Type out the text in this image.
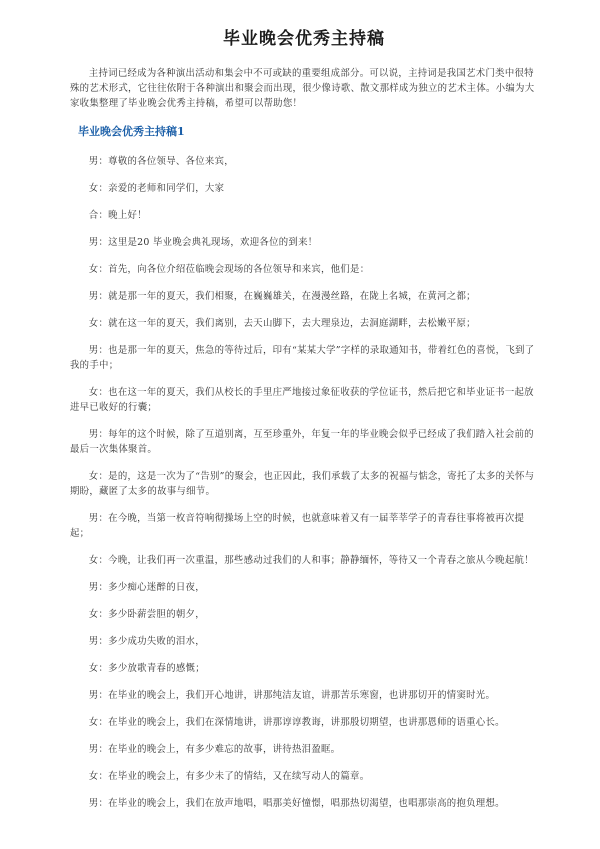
毕业晚会优秀主持稿

主持词已经成为各种演出活动和集会中不可或缺的重要组成部分。可以说，主持词是我国艺术门类中很特殊的艺术形式，它往往依附于各种演出和聚会而出现，很少像诗歌、散文那样成为独立的艺术主体。小编为大家收集整理了毕业晚会优秀主持稿，希望可以帮助您！

毕业晚会优秀主持稿1

男：尊敬的各位领导、各位来宾，

女：亲爱的老师和同学们，大家

合：晚上好！

男：这里是20 毕业晚会典礼现场，欢迎各位的到来！

女：首先，向各位介绍莅临晚会现场的各位领导和来宾，他们是：

男：就是那一年的夏天，我们相聚，在巍巍雄关，在漫漫丝路，在陇上名城，在黄河之都；

女：就在这一年的夏天，我们离别，去天山脚下，去大理泉边，去洞庭湖畔，去松嫩平原；

男：也是那一年的夏天，焦急的等待过后，印有“某某大学”字样的录取通知书，带着红色的喜悦，飞到了我的手中；

女：也在这一年的夏天，我们从校长的手里庄严地接过象征收获的学位证书，然后把它和毕业证书一起放进早已收好的行囊；

男：每年的这个时候，除了互道别离，互至珍重外，年复一年的毕业晚会似乎已经成了我们踏入社会前的最后一次集体聚首。

女：是的，这是一次为了“告别”的聚会，也正因此，我们承载了太多的祝福与惦念，寄托了太多的关怀与期盼，藏匿了太多的故事与细节。

男：在今晚，当第一枚音符响彻操场上空的时候，也就意味着又有一届莘莘学子的青春往事将被再次提起；

女：今晚，让我们再一次重温，那些感动过我们的人和事；静静缅怀，等待又一个青春之旅从今晚起航！

男：多少痴心迷醉的日夜，

女：多少卧薪尝胆的朝夕，

男：多少成功失败的泪水，

女：多少放歌青春的感慨；

男：在毕业的晚会上，我们开心地讲，讲那纯洁友谊，讲那苦乐寒窗，也讲那切开的情窦时光。

女：在毕业的晚会上，我们在深情地讲，讲那谆谆教诲，讲那殷切期望，也讲那恩师的语重心长。

男：在毕业的晚会上，有多少难忘的故事，讲待热泪盈眶。

女：在毕业的晚会上，有多少未了的情结，又在续写动人的篇章。

男：在毕业的晚会上，我们在放声地唱，唱那美好憧憬，唱那热切渴望，也唱那崇高的抱负理想。
